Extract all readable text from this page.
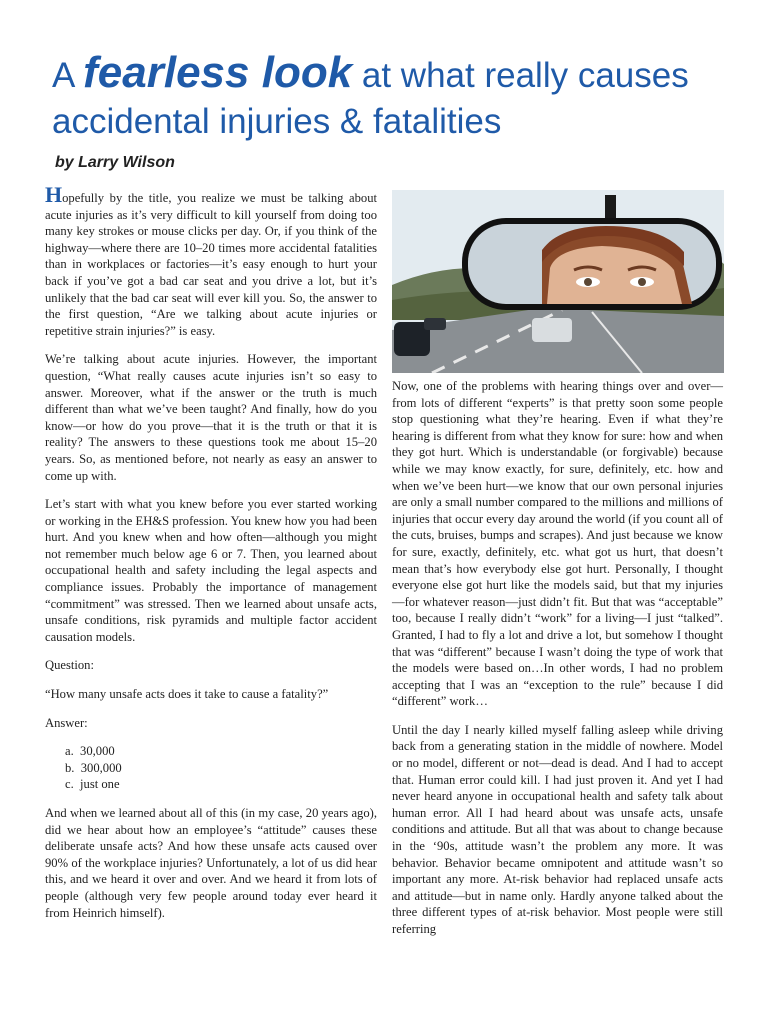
A fearless look at what really causes accidental injuries & fatalities
by Larry Wilson

Hopefully by the title, you realize we must be talking about acute injuries as it’s very difficult to kill yourself from doing too many key strokes or mouse clicks per day. Or, if you think of the highway—where there are 10–20 times more accidental fatalities than in workplaces or factories—it’s easy enough to hurt your back if you’ve got a bad car seat and you drive a lot, but it’s unlikely that the bad car seat will ever kill you. So, the answer to the first question, “Are we talking about acute injuries or repetitive strain injuries?” is easy.

We’re talking about acute injuries. However, the important question, “What really causes acute injuries isn’t so easy to answer. Moreover, what if the answer or the truth is much different than what we’ve been taught? And finally, how do you know—or how do you prove—that it is the truth or that it is reality? The answers to these questions took me about 15–20 years. So, as mentioned before, not nearly as easy an answer to come up with.

Let’s start with what you knew before you ever started working or working in the EH&S profession. You knew how you had been hurt. And you knew when and how often—although you might not remember much below age 6 or 7. Then, you learned about occupational health and safety including the legal aspects and compliance issues. Probably the importance of management “commitment” was stressed. Then we learned about unsafe acts, unsafe conditions, risk pyramids and multiple factor accident causation models.

Question:

“How many unsafe acts does it take to cause a fatality?”

Answer:

a.  30,000
b.  300,000
c.  just one

And when we learned about all of this (in my case, 20 years ago), did we hear about how an employee’s “attitude” causes these deliberate unsafe acts? And how these unsafe acts caused over 90% of the workplace injuries? Unfortunately, a lot of us did hear this, and we heard it over and over. And we heard it from lots of people (although very few people around today ever heard it from Heinrich himself).

Now, one of the problems with hearing things over and over—from lots of different “experts” is that pretty soon some people stop questioning what they’re hearing. Even if what they’re hearing is different from what they know for sure: how and when they got hurt. Which is understandable (or forgivable) because while we may know exactly, for sure, definitely, etc. how and when we’ve been hurt—we know that our own personal injuries are only a small number compared to the millions and millions of injuries that occur every day around the world (if you count all of the cuts, bruises, bumps and scrapes). And just because we know for sure, exactly, definitely, etc. what got us hurt, that doesn’t mean that’s how everybody else got hurt. Personally, I thought everyone else got hurt like the models said, but that my injuries—for whatever reason—just didn’t fit. But that was “acceptable” too, because I really didn’t “work” for a living—I just “talked”. Granted, I had to fly a lot and drive a lot, but somehow I thought that was “different” because I wasn’t doing the type of work that the models were based on…In other words, I had no problem accepting that I was an “exception to the rule” because I did “different” work…

Until the day I nearly killed myself falling asleep while driving back from a generating station in the middle of nowhere. Model or no model, different or not—dead is dead. And I had to accept that. Human error could kill. I had just proven it. And yet I had never heard anyone in occupational health and safety talk about human error. All I had heard about was unsafe acts, unsafe conditions and attitude. But all that was about to change because in the ‘90s, attitude wasn’t the problem any more. It was behavior. Behavior became omnipotent and attitude wasn’t so important any more. At-risk behavior had replaced unsafe acts and attitude—but in name only. Hardly anyone talked about the three different types of at-risk behavior. Most people were still referring
